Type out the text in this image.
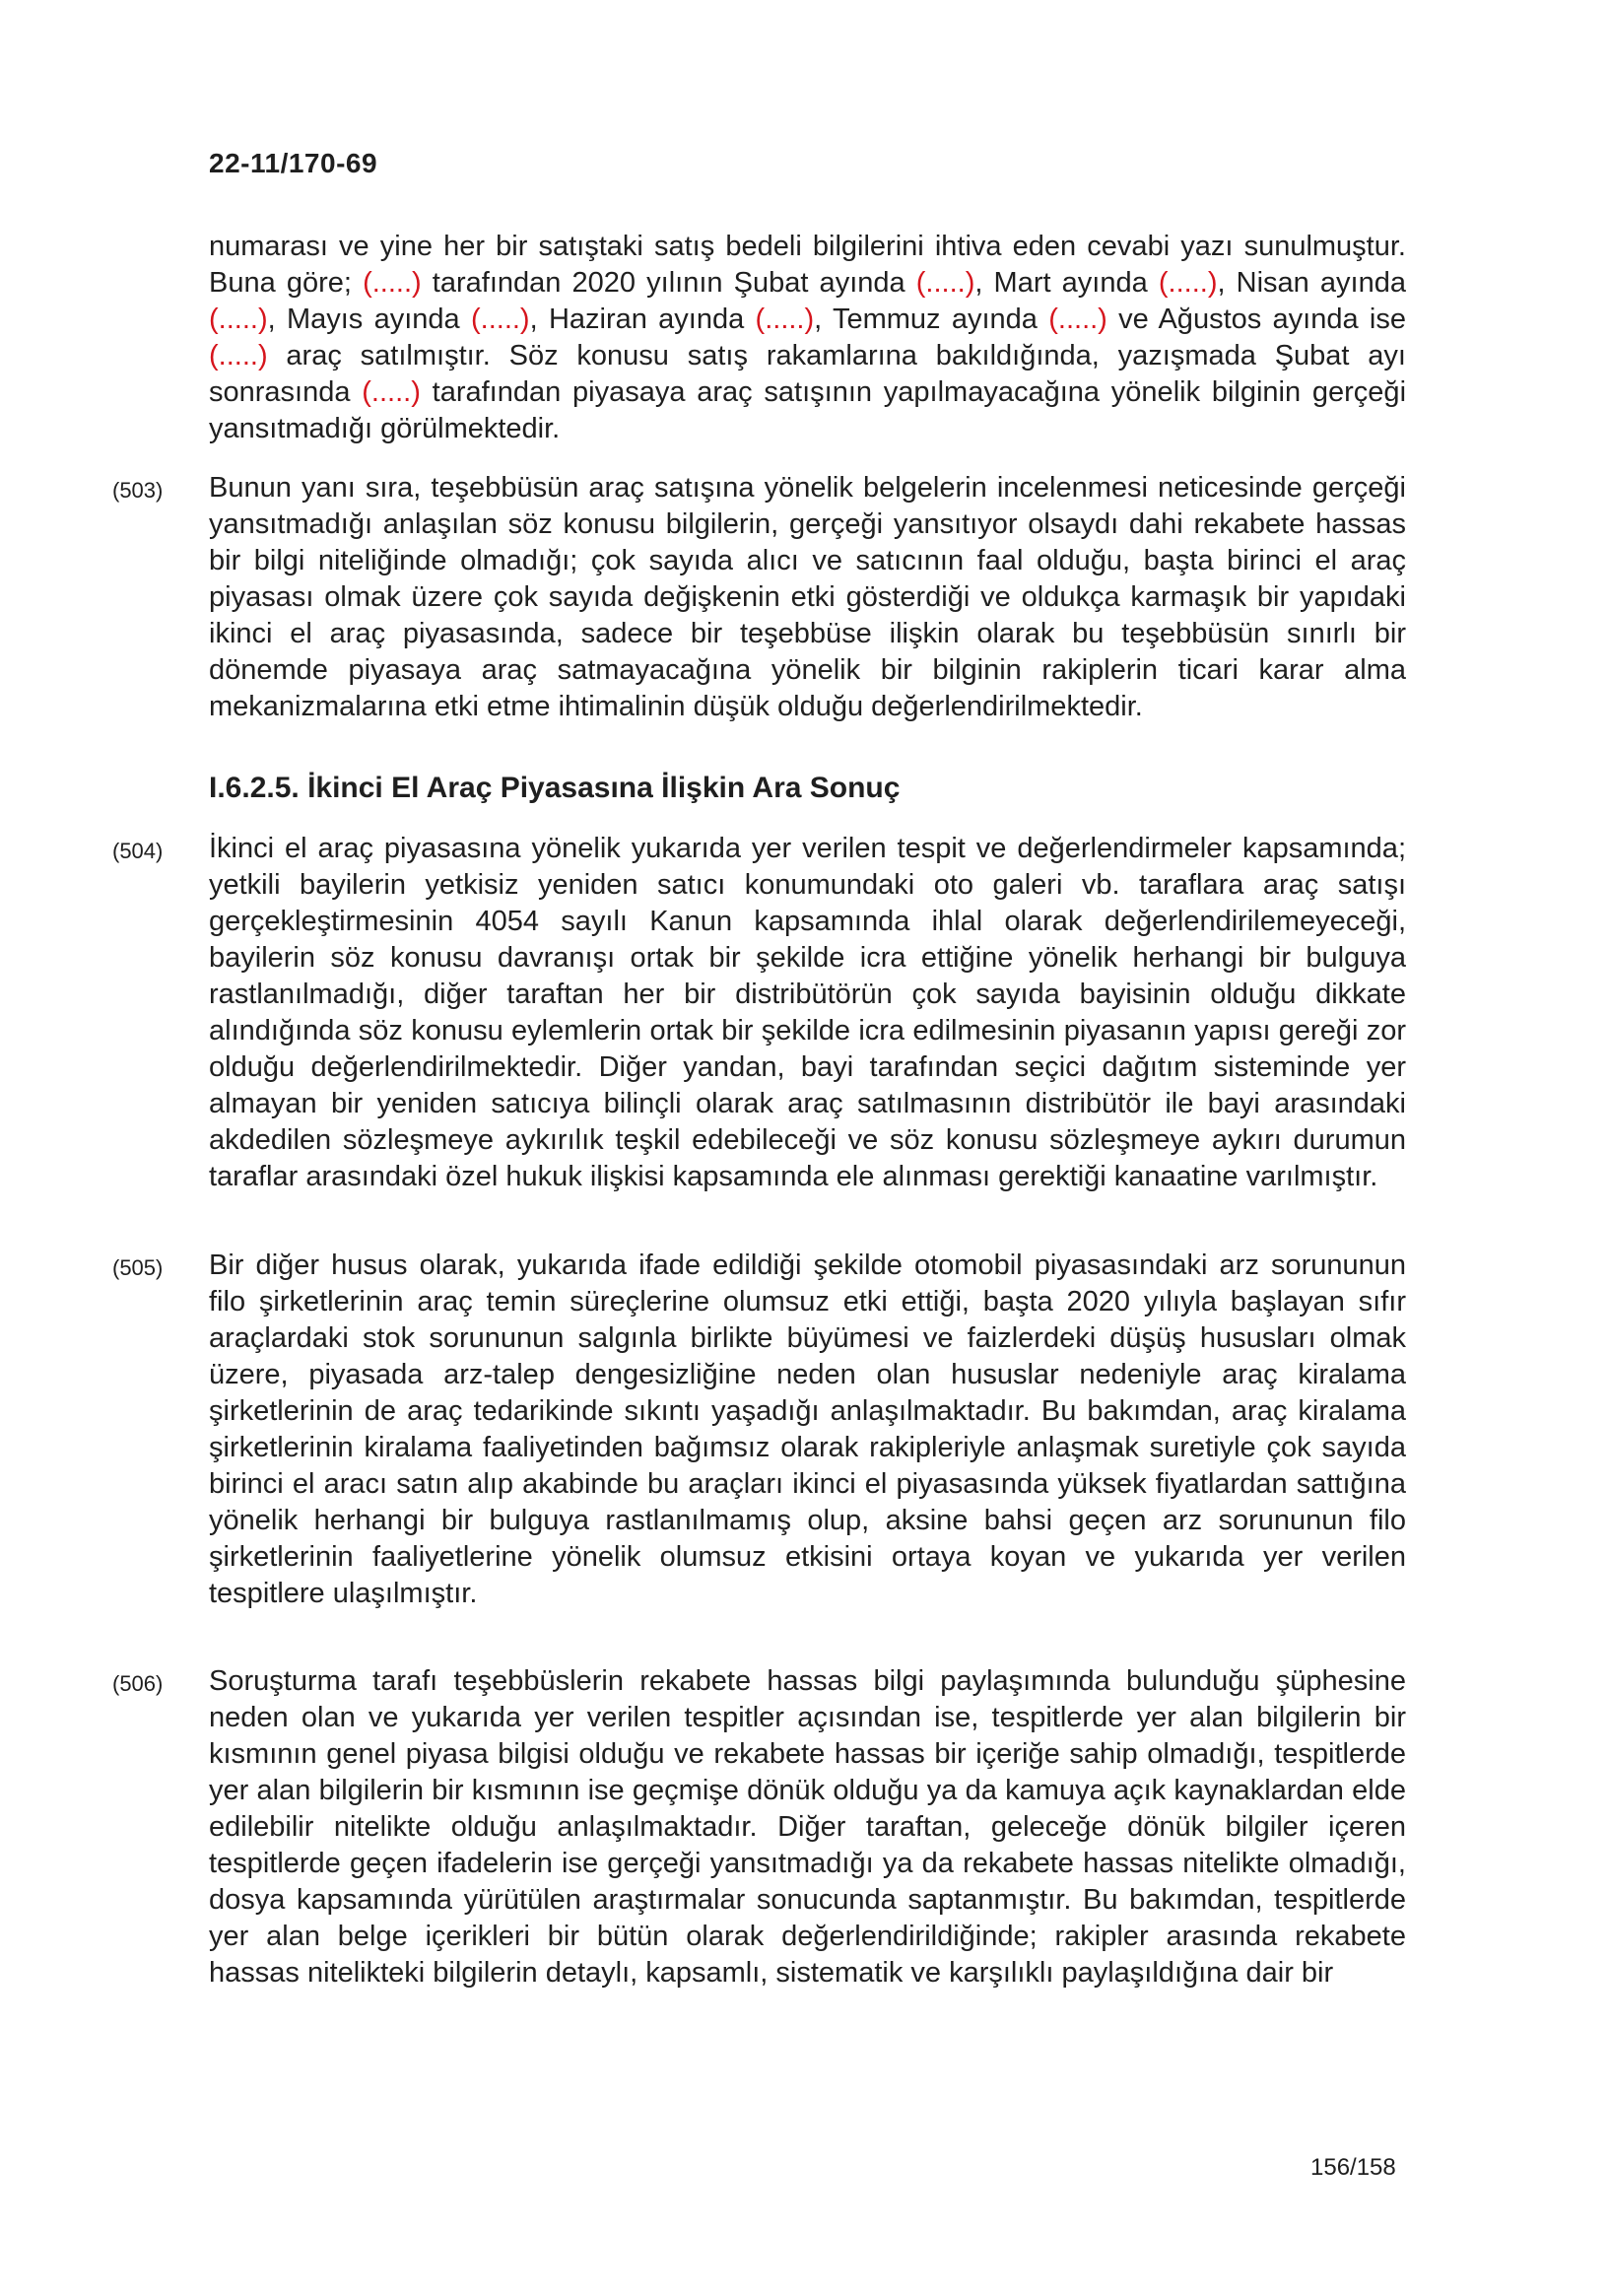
22-11/170-69

numarası ve yine her bir satıştaki satış bedeli bilgilerini ihtiva eden cevabi yazı sunulmuştur. Buna göre; (.....) tarafından 2020 yılının Şubat ayında (.....), Mart ayında (.....), Nisan ayında (.....), Mayıs ayında (.....), Haziran ayında (.....), Temmuz ayında (.....) ve Ağustos ayında ise (.....) araç satılmıştır. Söz konusu satış rakamlarına bakıldığında, yazışmada Şubat ayı sonrasında (.....) tarafından piyasaya araç satışının yapılmayacağına yönelik bilginin gerçeği yansıtmadığı görülmektedir.

(503) Bunun yanı sıra, teşebbüsün araç satışına yönelik belgelerin incelenmesi neticesinde gerçeği yansıtmadığı anlaşılan söz konusu bilgilerin, gerçeği yansıtıyor olsaydı dahi rekabete hassas bir bilgi niteliğinde olmadığı; çok sayıda alıcı ve satıcının faal olduğu, başta birinci el araç piyasası olmak üzere çok sayıda değişkenin etki gösterdiği ve oldukça karmaşık bir yapıdaki ikinci el araç piyasasında, sadece bir teşebbüse ilişkin olarak bu teşebbüsün sınırlı bir dönemde piyasaya araç satmayacağına yönelik bir bilginin rakiplerin ticari karar alma mekanizmalarına etki etme ihtimalinin düşük olduğu değerlendirilmektedir.

I.6.2.5. İkinci El Araç Piyasasına İlişkin Ara Sonuç
(504) İkinci el araç piyasasına yönelik yukarıda yer verilen tespit ve değerlendirmeler kapsamında; yetkili bayilerin yetkisiz yeniden satıcı konumundaki oto galeri vb. taraflara araç satışı gerçekleştirmesinin 4054 sayılı Kanun kapsamında ihlal olarak değerlendirilemeyeceği, bayilerin söz konusu davranışı ortak bir şekilde icra ettiğine yönelik herhangi bir bulguya rastlanılmadığı, diğer taraftan her bir distribütörün çok sayıda bayisinin olduğu dikkate alındığında söz konusu eylemlerin ortak bir şekilde icra edilmesinin piyasanın yapısı gereği zor olduğu değerlendirilmektedir. Diğer yandan, bayi tarafından seçici dağıtım sisteminde yer almayan bir yeniden satıcıya bilinçli olarak araç satılmasının distribütör ile bayi arasındaki akdedilen sözleşmeye aykırılık teşkil edebileceği ve söz konusu sözleşmeye aykırı durumun taraflar arasındaki özel hukuk ilişkisi kapsamında ele alınması gerektiği kanaatine varılmıştır.

(505) Bir diğer husus olarak, yukarıda ifade edildiği şekilde otomobil piyasasındaki arz sorununun filo şirketlerinin araç temin süreçlerine olumsuz etki ettiği, başta 2020 yılıyla başlayan sıfır araçlardaki stok sorununun salgınla birlikte büyümesi ve faizlerdeki düşüş hususları olmak üzere, piyasada arz-talep dengesizliğine neden olan hususlar nedeniyle araç kiralama şirketlerinin de araç tedarikinde sıkıntı yaşadığı anlaşılmaktadır. Bu bakımdan, araç kiralama şirketlerinin kiralama faaliyetinden bağımsız olarak rakipleriyle anlaşmak suretiyle çok sayıda birinci el aracı satın alıp akabinde bu araçları ikinci el piyasasında yüksek fiyatlardan sattığına yönelik herhangi bir bulguya rastlanılmamış olup, aksine bahsi geçen arz sorununun filo şirketlerinin faaliyetlerine yönelik olumsuz etkisini ortaya koyan ve yukarıda yer verilen tespitlere ulaşılmıştır.

(506) Soruşturma tarafı teşebbüslerin rekabete hassas bilgi paylaşımında bulunduğu şüphesine neden olan ve yukarıda yer verilen tespitler açısından ise, tespitlerde yer alan bilgilerin bir kısmının genel piyasa bilgisi olduğu ve rekabete hassas bir içeriğe sahip olmadığı, tespitlerde yer alan bilgilerin bir kısmının ise geçmişe dönük olduğu ya da kamuya açık kaynaklardan elde edilebilir nitelikte olduğu anlaşılmaktadır. Diğer taraftan, geleceğe dönük bilgiler içeren tespitlerde geçen ifadelerin ise gerçeği yansıtmadığı ya da rekabete hassas nitelikte olmadığı, dosya kapsamında yürütülen araştırmalar sonucunda saptanmıştır. Bu bakımdan, tespitlerde yer alan belge içerikleri bir bütün olarak değerlendirildiğinde; rakipler arasında rekabete hassas nitelikteki bilgilerin detaylı, kapsamlı, sistematik ve karşılıklı paylaşıldığına dair bir

156/158
